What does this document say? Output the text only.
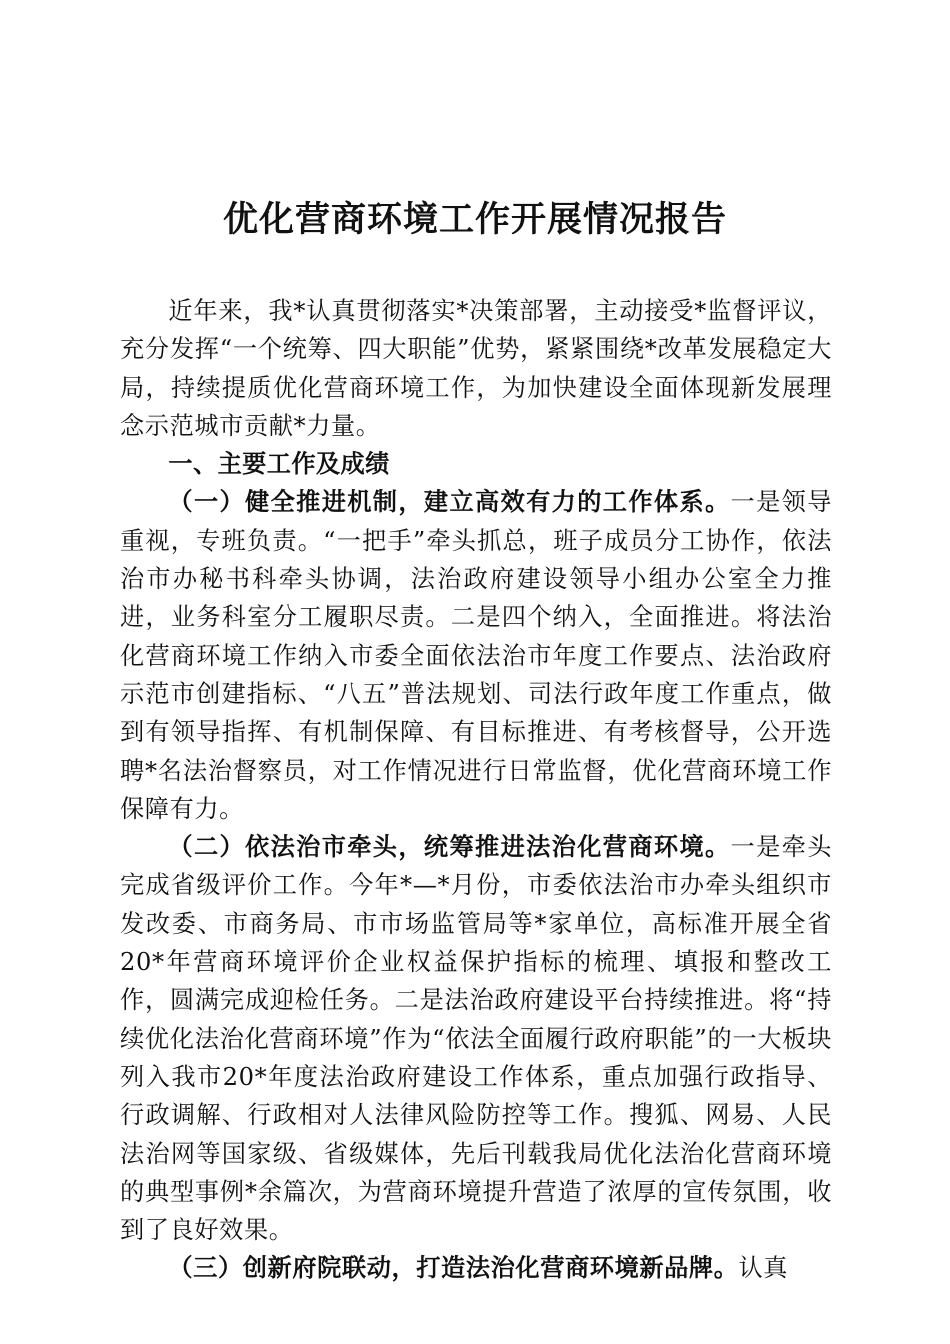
优化营商环境工作开展情况报告

近年来，我*认真贯彻落实*决策部署，主动接受*监督评议，充分发挥“一个统筹、四大职能”优势，紧紧围绕*改革发展稳定大局，持续提质优化营商环境工作，为加快建设全面体现新发展理念示范城市贡献*力量。

一、主要工作及成绩

（一）健全推进机制，建立高效有力的工作体系。一是领导重视，专班负责。“一把手”牵头抓总，班子成员分工协作，依法治市办秘书科牵头协调，法治政府建设领导小组办公室全力推进，业务科室分工履职尽责。二是四个纳入，全面推进。将法治化营商环境工作纳入市委全面依法治市年度工作要点、法治政府示范市创建指标、“八五”普法规划、司法行政年度工作重点，做到有领导指挥、有机制保障、有目标推进、有考核督导，公开选聘*名法治督察员，对工作情况进行日常监督，优化营商环境工作保障有力。

（二）依法治市牵头，统筹推进法治化营商环境。一是牵头完成省级评价工作。今年*—*月份，市委依法治市办牵头组织市发改委、市商务局、市市场监管局等*家单位，高标准开展全省20*年营商环境评价企业权益保护指标的梳理、填报和整改工作，圆满完成迎检任务。二是法治政府建设平台持续推进。将“持续优化法治化营商环境”作为“依法全面履行政府职能”的一大板块列入我市20*年度法治政府建设工作体系，重点加强行政指导、行政调解、行政相对人法律风险防控等工作。搜狐、网易、人民法治网等国家级、省级媒体，先后刊载我局优化法治化营商环境的典型事例*余篇次，为营商环境提升营造了浓厚的宣传氛围，收到了良好效果。

（三）创新府院联动，打造法治化营商环境新品牌。认真
